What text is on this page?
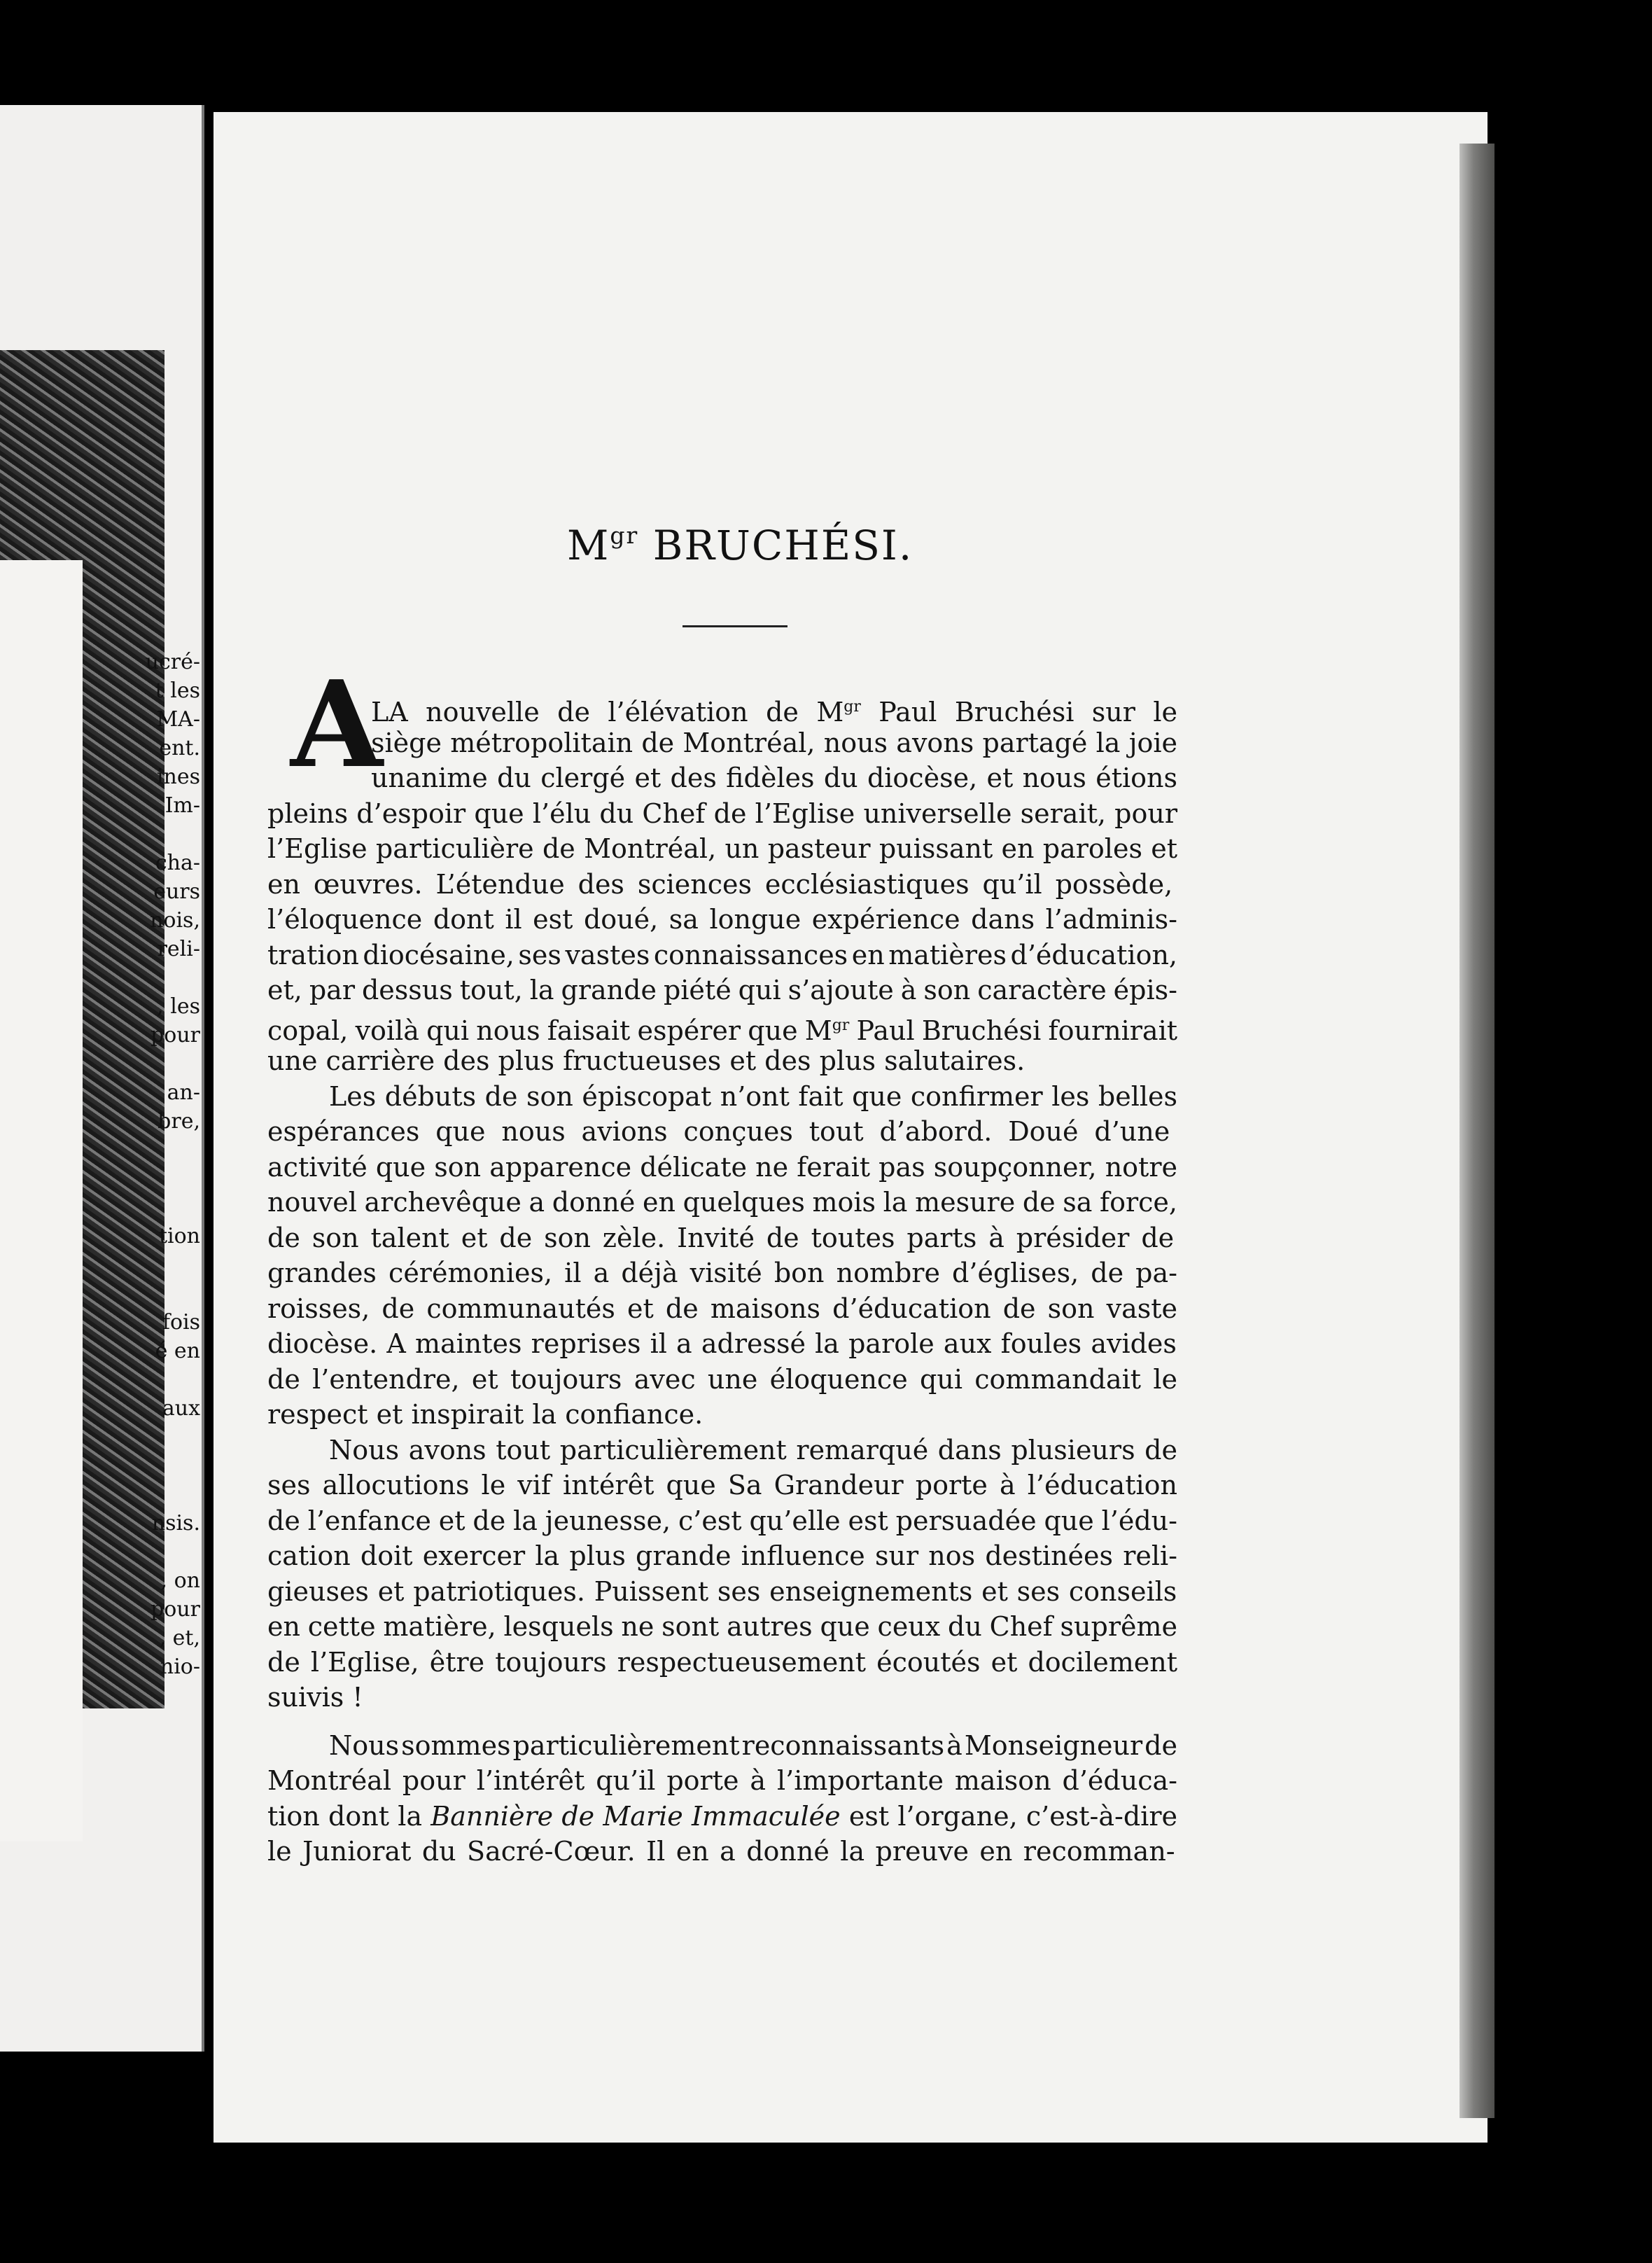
ucré-
t les
MA-
ent.
ines
Im-
cha-
eurs
nois,
reli-
, les
pour
an-
bre,
tion
fois
é en
aux
nsis.
, on
pour
, et,
nio-
$M^{gr}$ BRUCHÉSI.
A
LA nouvelle de l’élévation de $M^{gr}$ Paul Bruchési sur le
siège métropolitain de Montréal, nous avons partagé la joie
unanime du clergé et des fidèles du diocèse, et nous étions
pleins d’espoir que l’élu du Chef de l’Eglise universelle serait, pour
l’Eglise particulière de Montréal, un pasteur puissant en paroles et
en œuvres. L’étendue des sciences ecclésiastiques qu’il possède,
l’éloquence dont il est doué, sa longue expérience dans l’adminis-
tration diocésaine, ses vastes connaissances en matières d’éducation,
et, par dessus tout, la grande piété qui s’ajoute à son caractère épis-
copal, voilà qui nous faisait espérer que $M^{gr}$ Paul Bruchési fournirait
une carrière des plus fructueuses et des plus salutaires.
Les débuts de son épiscopat n’ont fait que confirmer les belles
espérances que nous avions conçues tout d’abord. Doué d’une
activité que son apparence délicate ne ferait pas soupçonner, notre
nouvel archevêque a donné en quelques mois la mesure de sa force,
de son talent et de son zèle. Invité de toutes parts à présider de
grandes cérémonies, il a déjà visité bon nombre d’églises, de pa-
roisses, de communautés et de maisons d’éducation de son vaste
diocèse. A maintes reprises il a adressé la parole aux foules avides
de l’entendre, et toujours avec une éloquence qui commandait le
respect et inspirait la confiance.
Nous avons tout particulièrement remarqué dans plusieurs de
ses allocutions le vif intérêt que Sa Grandeur porte à l’éducation
de l’enfance et de la jeunesse, c’est qu’elle est persuadée que l’édu-
cation doit exercer la plus grande influence sur nos destinées reli-
gieuses et patriotiques. Puissent ses enseignements et ses conseils
en cette matière, lesquels ne sont autres que ceux du Chef suprême
de l’Eglise, être toujours respectueusement écoutés et docilement
suivis !
Nous sommes particulièrement reconnaissants à Monseigneur de
Montréal pour l’intérêt qu’il porte à l’importante maison d’éduca-
tion dont la Bannière de Marie Immaculée est l’organe, c’est-à-dire
le Juniorat du Sacré-Cœur. Il en a donné la preuve en recomman-
